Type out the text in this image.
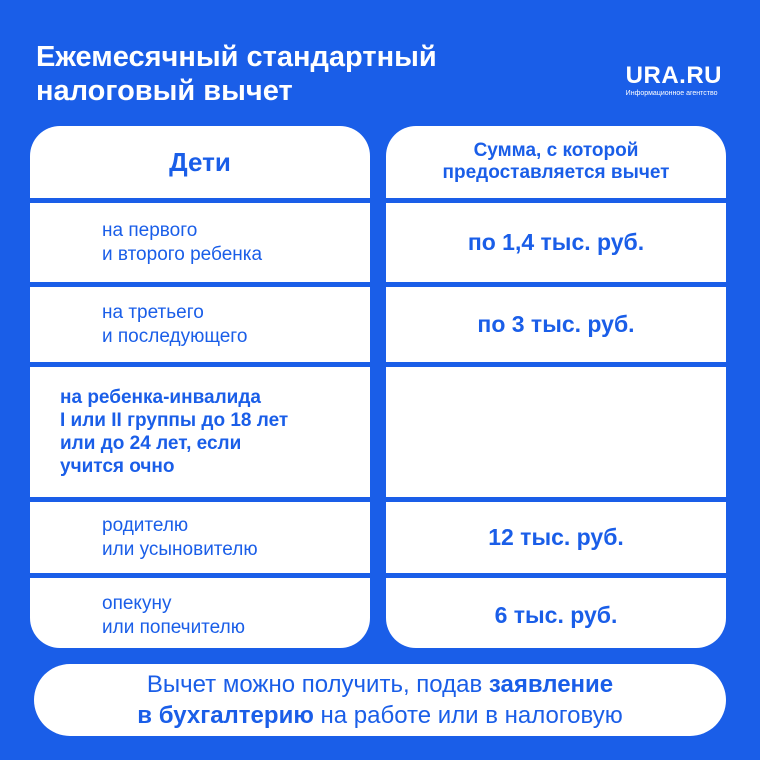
Ежемесячный стандартный
налоговый вычет	URA.RU
Информационное агентство
Дети
на первого
и второго ребенка
на третьего
и последующего
на ребенка-инвалида
I или II группы до 18 лет
или до 24 лет, если
учится очно
родителю
или усыновителю
опекуну
или попечителю
Сумма, с которой
предоставляется вычет
по 1,4 тыс. руб.
по 3 тыс. руб.
12 тыс. руб.
6 тыс. руб.
Вычет можно получить, подав заявление
в бухгалтерию на работе или в налоговую
